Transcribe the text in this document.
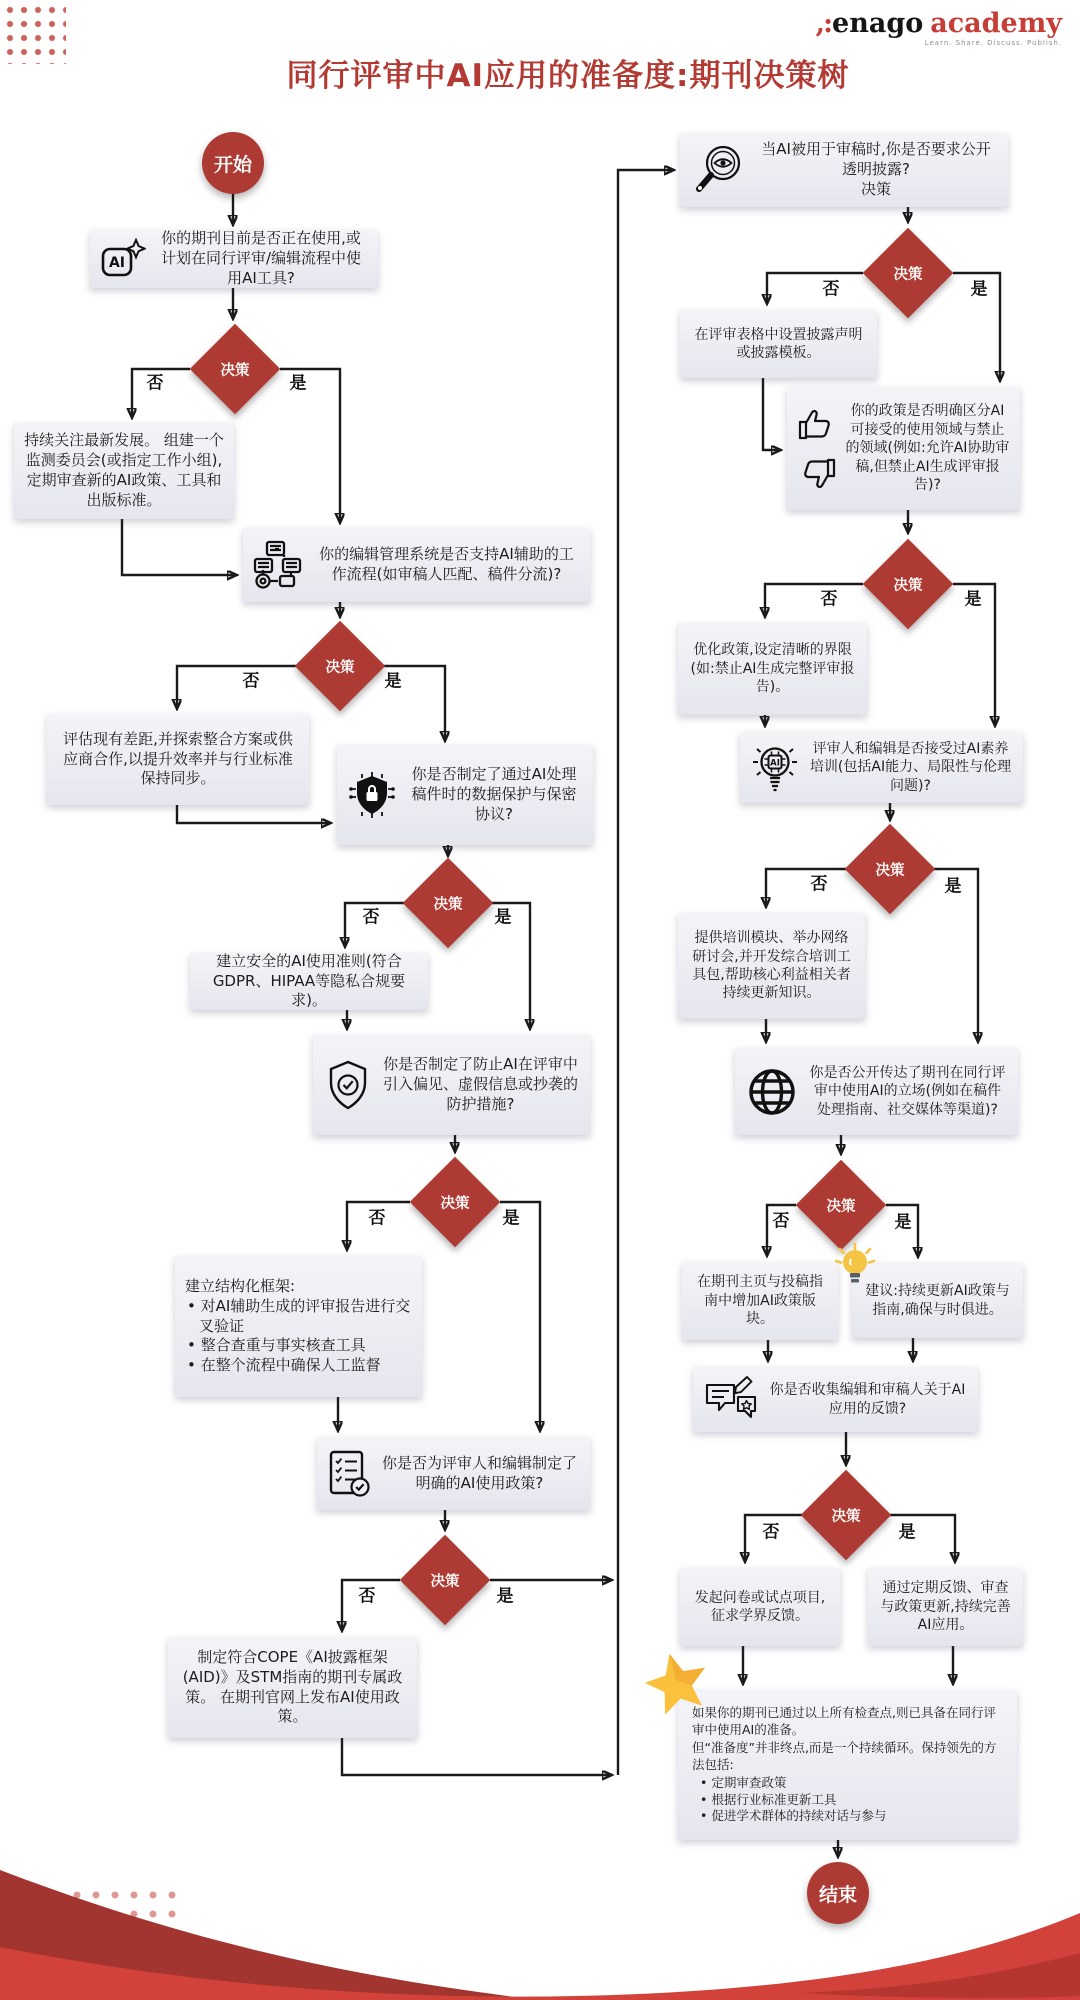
,:enago academy
Learn. Share. Discuss. Publish.
同行评审中AI应用的准备度:期刊决策树
开始
AI
你的期刊目前是否正在使用,或计划在同行评审/编辑流程中使用AI工具?
决策
否	是
持续关注最新发展。 组建一个监测委员会(或指定工作小组),定期审查新的AI政策、工具和出版标准。
你的编辑管理系统是否支持AI辅助的工作流程(如审稿人匹配、稿件分流)?
决策
否	是
评估现有差距,并探索整合方案或供应商合作,以提升效率并与行业标准保持同步。	你是否制定了通过AI处理稿件时的数据保护与保密协议?
决策
否	是
建立安全的AI使用准则(符合GDPR、HIPAA等隐私合规要求)。
你是否制定了防止AI在评审中引入偏见、虚假信息或抄袭的防护措施?
决策
否	是
建立结构化框架:
• 对AI辅助生成的评审报告进行交叉验证
• 整合查重与事实核查工具
• 在整个流程中确保人工监督
你是否为评审人和编辑制定了明确的AI使用政策?
决策
否	是
制定符合COPE《AI披露框架(AID)》及STM指南的期刊专属政策。 在期刊官网上发布AI使用政策。
当AI被用于审稿时,你是否要求公开透明披露?
决策
决策
否	是
在评审表格中设置披露声明或披露模板。
你的政策是否明确区分AI可接受的使用领域与禁止的领域(例如:允许AI协助审稿,但禁止AI生成评审报告)?
决策
否	是
优化政策,设定清晰的界限(如:禁止AI生成完整评审报告)。
AI
评审人和编辑是否接受过AI素养培训(包括AI能力、局限性与伦理问题)?
决策
否	是
提供培训模块、举办网络研讨会,并开发综合培训工具包,帮助核心利益相关者持续更新知识。
你是否公开传达了期刊在同行评审中使用AI的立场(例如在稿件处理指南、社交媒体等渠道)?
决策
否	是
在期刊主页与投稿指南中增加AI政策版块。
建议:持续更新AI政策与指南,确保与时俱进。
你是否收集编辑和审稿人关于AI应用的反馈?
决策
否	是
发起问卷或试点项目,征求学界反馈。
通过定期反馈、审查与政策更新,持续完善AI应用。

如果你的期刊已通过以上所有检查点,则已具备在同行评审中使用AI的准备。

但“准备度”并非终点,而是一个持续循环。保持领先的方法包括:

• 定期审查政策
• 根据行业标准更新工具
• 促进学术群体的持续对话与参与
结束
